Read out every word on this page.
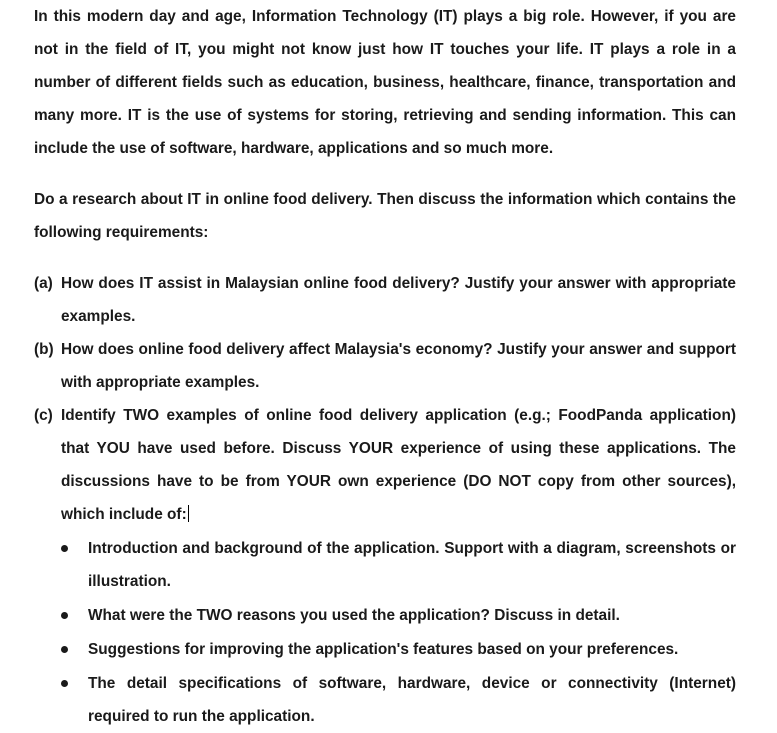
In this modern day and age, Information Technology (IT) plays a big role. However, if you are not in the field of IT, you might not know just how IT touches your life. IT plays a role in a number of different fields such as education, business, healthcare, finance, transportation and many more. IT is the use of systems for storing, retrieving and sending information. This can include the use of software, hardware, applications and so much more.

Do a research about IT in online food delivery. Then discuss the information which contains the following requirements:

(a) How does IT assist in Malaysian online food delivery? Justify your answer with appropriate examples.
(b) How does online food delivery affect Malaysia's economy? Justify your answer and support with appropriate examples.
(c) Identify TWO examples of online food delivery application (e.g.; FoodPanda application) that YOU have used before. Discuss YOUR experience of using these applications. The discussions have to be from YOUR own experience (DO NOT copy from other sources), which include of:
Introduction and background of the application. Support with a diagram, screenshots or illustration.
What were the TWO reasons you used the application? Discuss in detail.
Suggestions for improving the application's features based on your preferences.
The detail specifications of software, hardware, device or connectivity (Internet) required to run the application.
